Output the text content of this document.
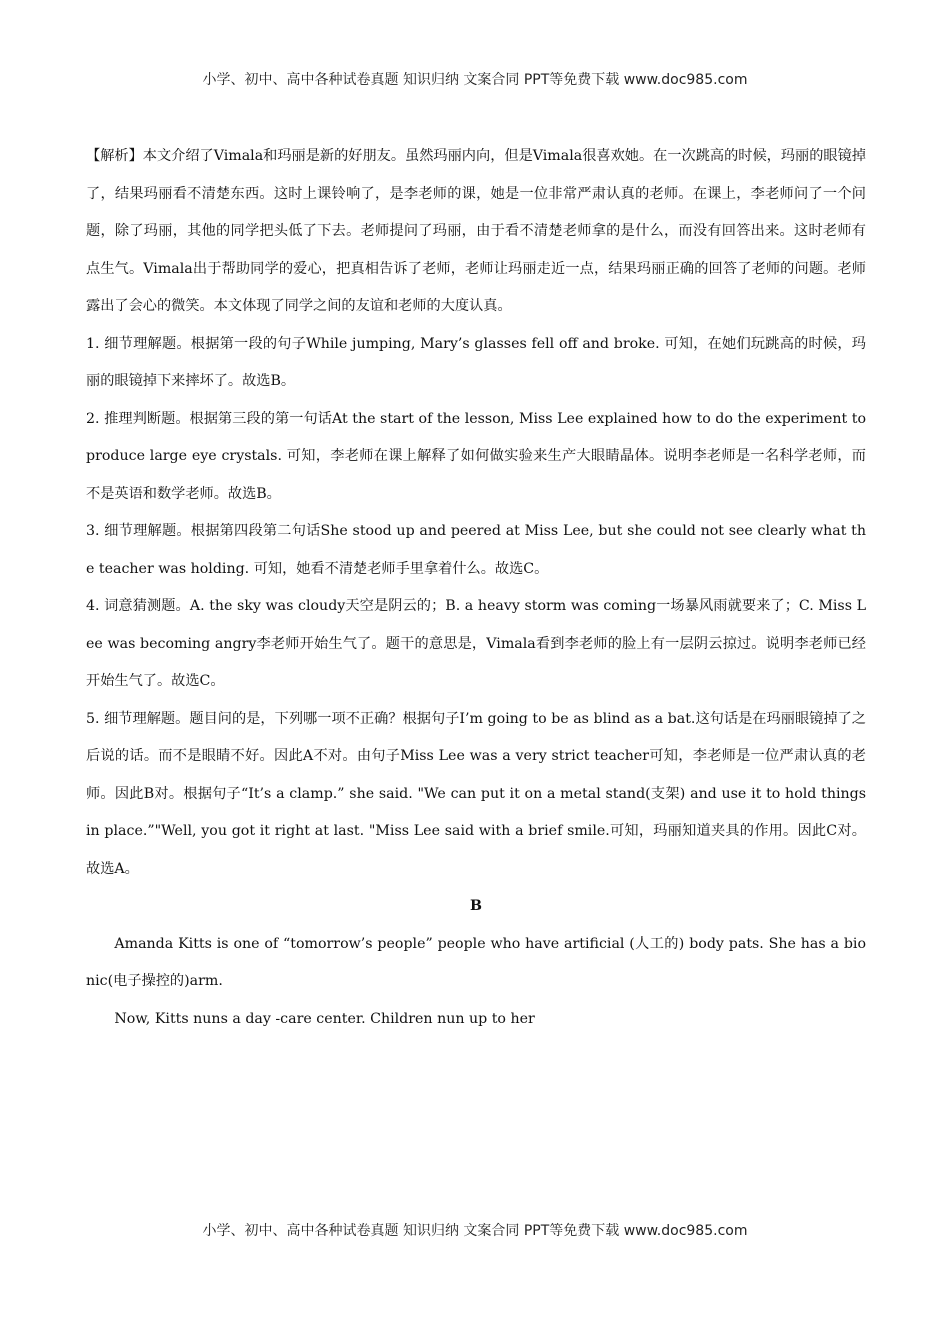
小学、初中、高中各种试卷真题 知识归纳 文案合同 PPT等免费下载 www.doc985.com

【解析】本文介绍了Vimala和玛丽是新的好朋友。虽然玛丽内向，但是Vimala很喜欢她。在一次跳高的时候，玛丽的眼镜掉了，结果玛丽看不清楚东西。这时上课铃响了，是李老师的课，她是一位非常严肃认真的老师。在课上，李老师问了一个问题，除了玛丽，其他的同学把头低了下去。老师提问了玛丽，由于看不清楚老师拿的是什么，而没有回答出来。这时老师有点生气。Vimala出于帮助同学的爱心，把真相告诉了老师，老师让玛丽走近一点，结果玛丽正确的回答了老师的问题。老师露出了会心的微笑。本文体现了同学之间的友谊和老师的大度认真。

1. 细节理解题。根据第一段的句子While jumping, Mary’s glasses fell off and broke. 可知，在她们玩跳高的时候，玛丽的眼镜掉下来摔坏了。故选B。

2. 推理判断题。根据第三段的第一句话At the start of the lesson, Miss Lee explained how to do the experiment to produce large eye crystals. 可知，李老师在课上解释了如何做实验来生产大眼睛晶体。说明李老师是一名科学老师，而不是英语和数学老师。故选B。

3. 细节理解题。根据第四段第二句话She stood up and peered at Miss Lee, but she could not see clearly what the teacher was holding. 可知，她看不清楚老师手里拿着什么。故选C。

4. 词意猜测题。A. the sky was cloudy天空是阴云的；B. a heavy storm was coming一场暴风雨就要来了；C. Miss Lee was becoming angry李老师开始生气了。题干的意思是，Vimala看到李老师的脸上有一层阴云掠过。说明李老师已经开始生气了。故选C。

5. 细节理解题。题目问的是，下列哪一项不正确？根据句子I’m going to be as blind as a bat.这句话是在玛丽眼镜掉了之后说的话。而不是眼睛不好。因此A不对。由句子Miss Lee was a very strict teacher可知，李老师是一位严肃认真的老师。因此B对。根据句子“It’s a clamp.” she said. "We can put it on a metal stand(支架) and use it to hold things in place.”"Well, you got it right at last. "Miss Lee said with a brief smile.可知，玛丽知道夹具的作用。因此C对。故选A。

B

Amanda Kitts is one of “tomorrow’s people” people who have artificial (人工的) body pats. She has a bionic(电子操控的)arm.

Now, Kitts nuns a day -care center. Children nun up to her

小学、初中、高中各种试卷真题 知识归纳 文案合同 PPT等免费下载 www.doc985.com
